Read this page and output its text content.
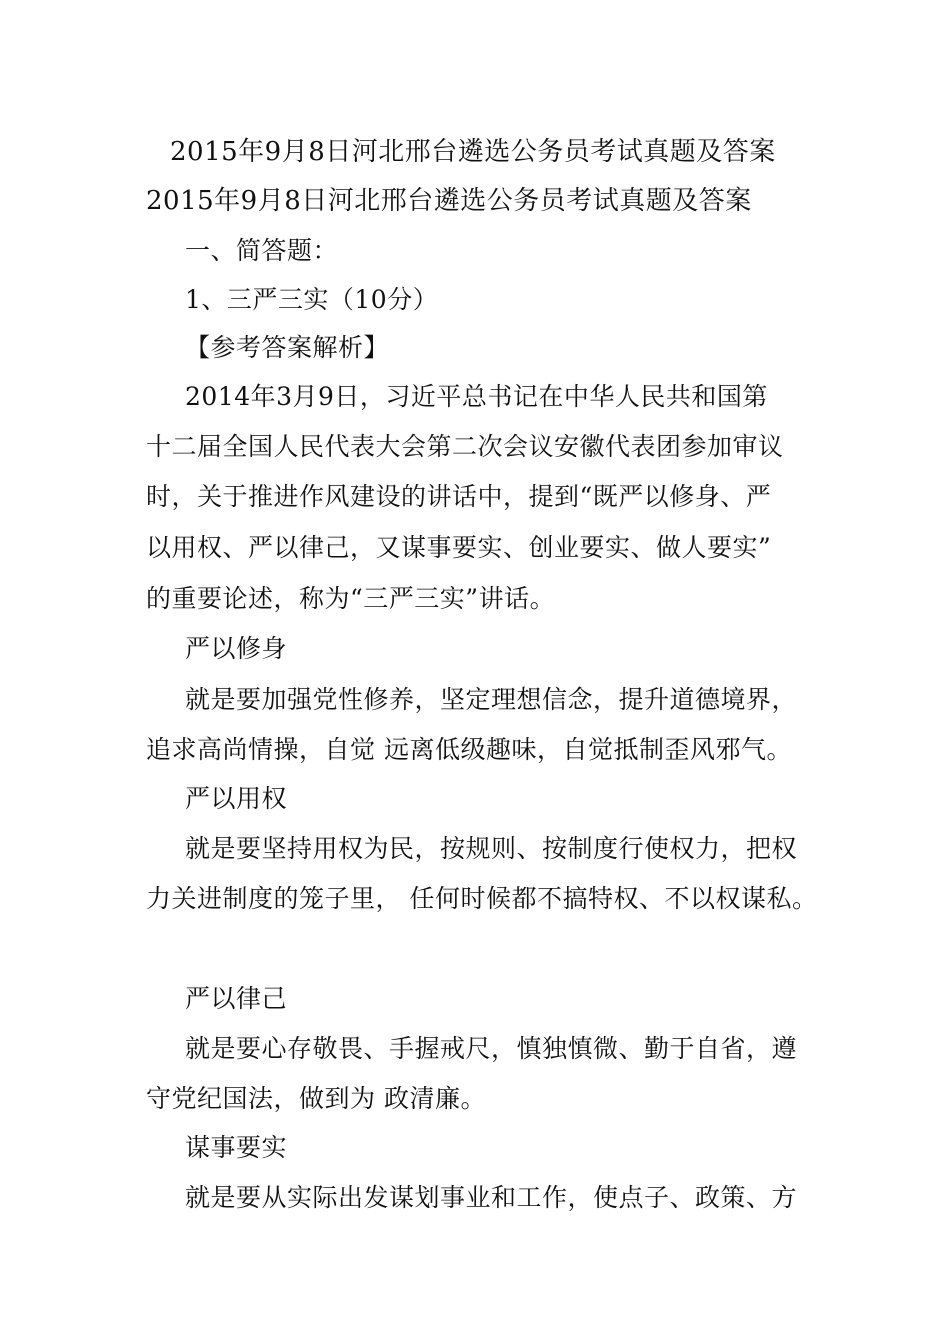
2015年9月8日河北邢台遴选公务员考试真题及答案
2015年9月8日河北邢台遴选公务员考试真题及答案
一、简答题：
1、三严三实（10分）
【参考答案解析】
2014年3月9日，习近平总书记在中华人民共和国第
十二届全国人民代表大会第二次会议安徽代表团参加审议
时，关于推进作风建设的讲话中，提到“既严以修身、严
以用权、严以律己，又谋事要实、创业要实、做人要实”
的重要论述，称为“三严三实”讲话。
严以修身
就是要加强党性修养，坚定理想信念，提升道德境界，
追求高尚情操，自觉 远离低级趣味，自觉抵制歪风邪气。
严以用权
就是要坚持用权为民，按规则、按制度行使权力，把权
力关进制度的笼子里， 任何时候都不搞特权、不以权谋私。
严以律己
就是要心存敬畏、手握戒尺，慎独慎微、勤于自省，遵
守党纪国法，做到为 政清廉。
谋事要实
就是要从实际出发谋划事业和工作，使点子、政策、方
